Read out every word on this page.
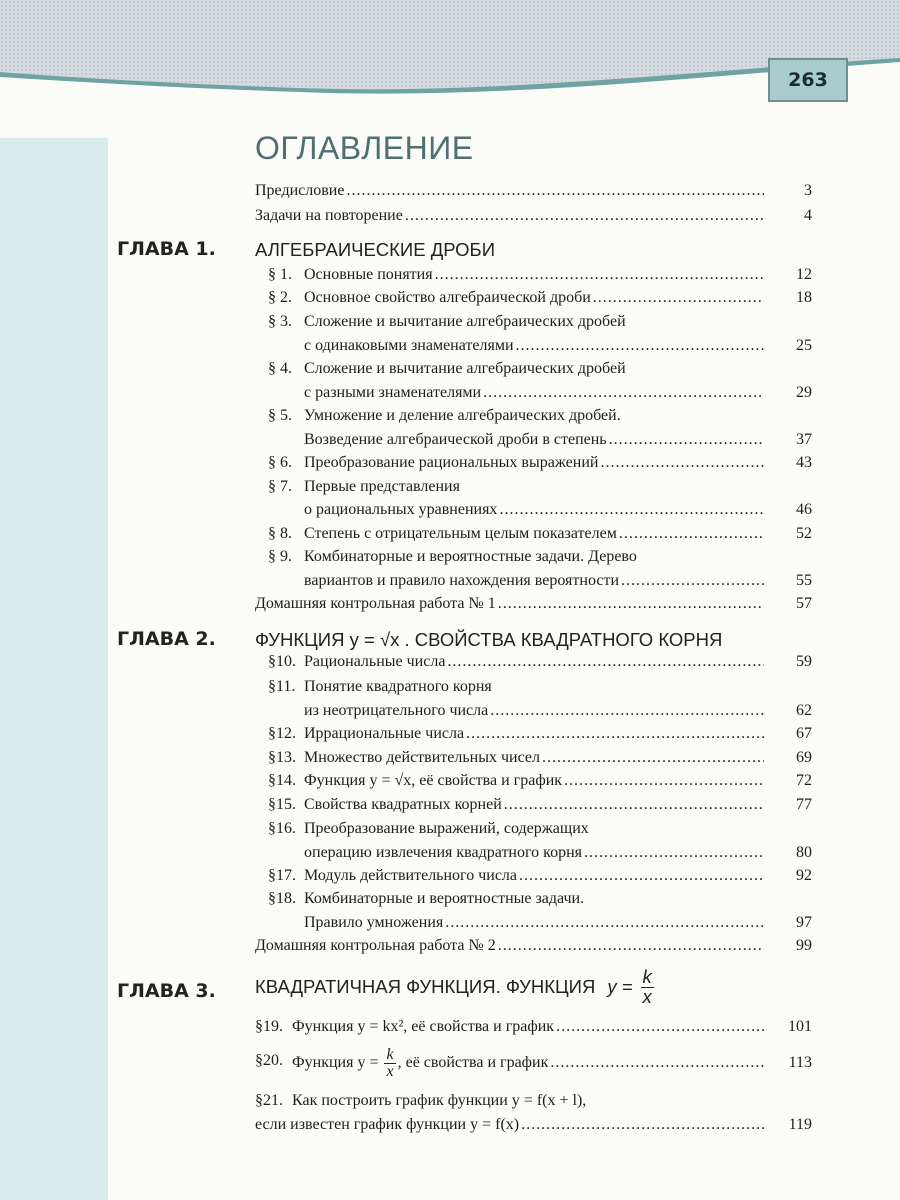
263
ОГЛАВЛЕНИЕ
Предисловие .....	3
Задачи на повторение .....	4
ГЛАВА 1. АЛГЕБРАИЧЕСКИЕ ДРОБИ
§ 1. Основные понятия .....	12
§ 2. Основное свойство алгебраической дроби .....	18
§ 3. Сложение и вычитание алгебраических дробей
с одинаковыми знаменателями .....	25
§ 4. Сложение и вычитание алгебраических дробей
с разными знаменателями .....	29
§ 5. Умножение и деление алгебраических дробей.
Возведение алгебраической дроби в степень .....	37
§ 6. Преобразование рациональных выражений .....	43
§ 7. Первые представления
о рациональных уравнениях .....	46
§ 8. Степень с отрицательным целым показателем .....	52
§ 9. Комбинаторные и вероятностные задачи. Дерево
вариантов и правило нахождения вероятности .....	55
Домашняя контрольная работа № 1 .....	57
ГЛАВА 2. ФУНКЦИЯ y = √x . СВОЙСТВА КВАДРАТНОГО КОРНЯ
§10. Рациональные числа .....	59
§11. Понятие квадратного корня
из неотрицательного числа .....	62
§12. Иррациональные числа .....	67
§13. Множество действительных чисел .....	69
§14. Функция y = √x, её свойства и график .....	72
§15. Свойства квадратных корней .....	77
§16. Преобразование выражений, содержащих
операцию извлечения квадратного корня .....	80
§17. Модуль действительного числа .....	92
§18. Комбинаторные и вероятностные задачи.
Правило умножения .....	97
Домашняя контрольная работа № 2 .....	99
ГЛАВА 3. КВАДРАТИЧНАЯ ФУНКЦИЯ. ФУНКЦИЯ $y = \frac{k}{x}$
§19. Функция y = kx², её свойства и график .....	101
§20. Функция $y = \frac{k}{x}$ , её свойства и график .....	113
§21. Как построить график функции y = f(x + l),
если известен график функции y = f(x) .....	119
